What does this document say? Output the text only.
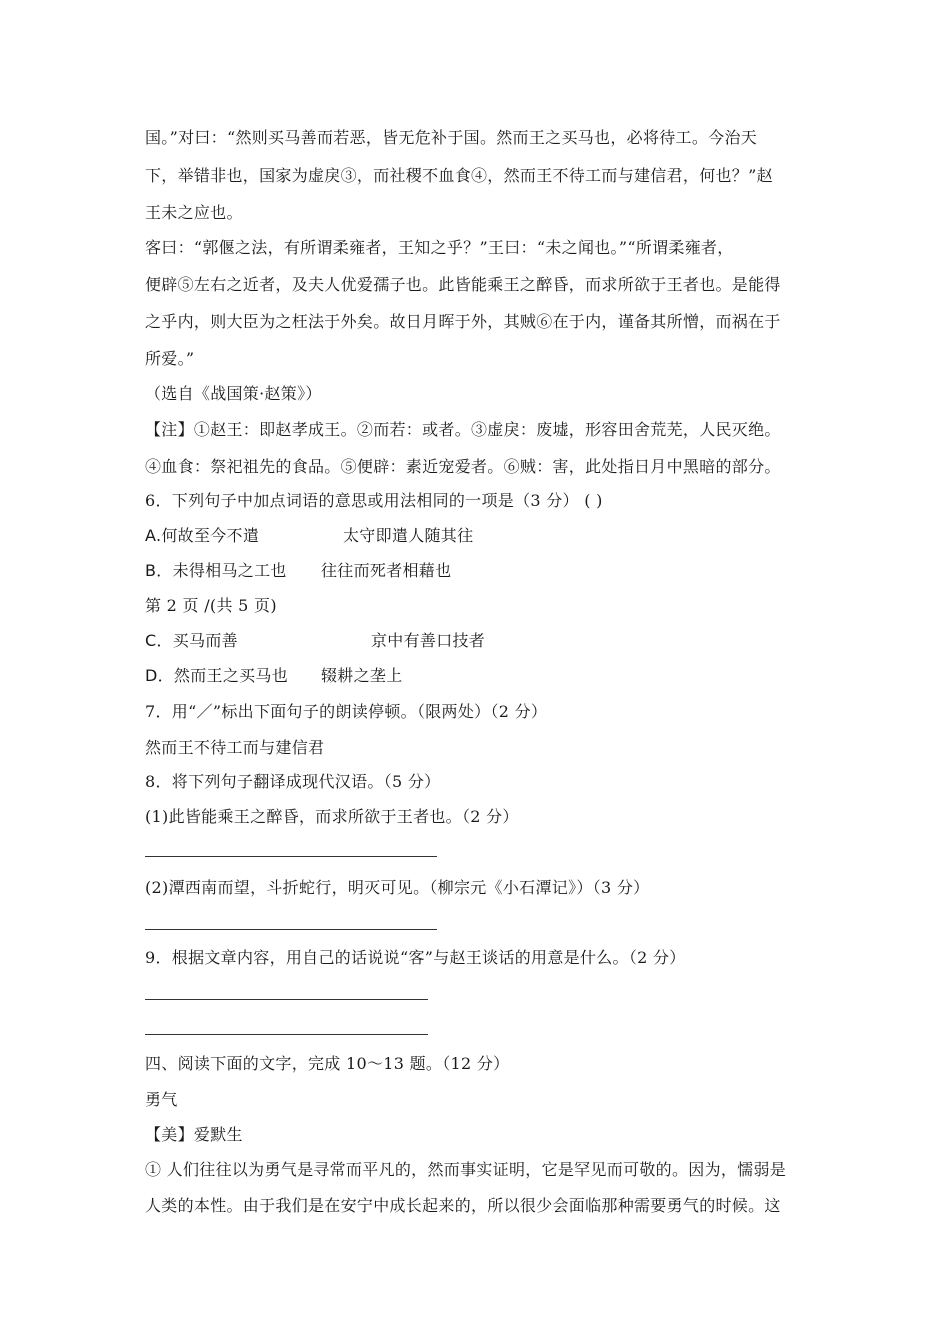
国。”对曰：“然则买马善而若恶，皆无危补于国。然而王之买马也，必将待工。今治天
下，举错非也，国家为虚戾③，而社稷不血食④，然而王不待工而与建信君，何也？”赵
王未之应也。
客曰：“郭偃之法，有所谓柔雍者，王知之乎？”王曰：“未之闻也。”“所谓柔雍者，
便辟⑤左右之近者，及夫人优爱孺子也。此皆能乘王之醉昏，而求所欲于王者也。是能得
之乎内，则大臣为之枉法于外矣。故日月晖于外，其贼⑥在于内，谨备其所憎，而祸在于
所爱。”
（选自《战国策·赵策》）
【注】①赵王：即赵孝成王。②而若：或者。③虚戾：废墟，形容田舍荒芜，人民灭绝。
④血食：祭祀祖先的食品。⑤便辟：素近宠爱者。⑥贼：害，此处指日月中黑暗的部分。
6．下列句子中加点词语的意思或用法相同的一项是（3 分） ( )
A.何故至今不遣	太守即遣人随其往
B．未得相马之工也 往往而死者相藉也
第 2 页 /(共 5 页)
C．买马而善	京中有善口技者
D．然而王之买马也 辍耕之垄上
7．用“／”标出下面句子的朗读停顿。（限两处）（2 分）
然而王不待工而与建信君
8．将下列句子翻译成现代汉语。（5 分）
(1)此皆能乘王之醉昏，而求所欲于王者也。（2 分）
(2)潭西南而望，斗折蛇行，明灭可见。（柳宗元《小石潭记》）（3 分）
9．根据文章内容，用自己的话说说“客”与赵王谈话的用意是什么。（2 分）
四、阅读下面的文字，完成 10～13 题。（12 分）
勇气
【美】爱默生
① 人们往往以为勇气是寻常而平凡的，然而事实证明，它是罕见而可敬的。因为，懦弱是
人类的本性。由于我们是在安宁中成长起来的，所以很少会面临那种需要勇气的时候。这
